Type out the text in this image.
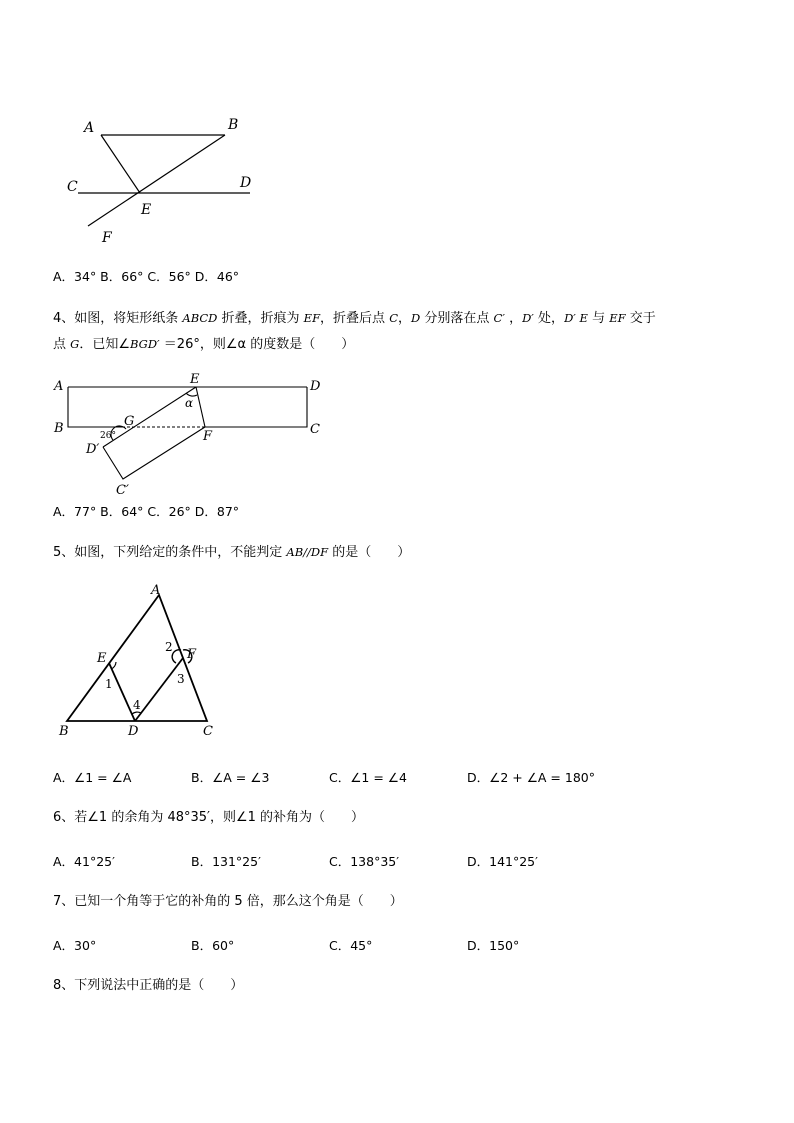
A	B
C	D
E
F
A．34° B．66° C．56° D．46°
4、如图，将矩形纸条 ABCD 折叠，折痕为 EF，折叠后点 C，D 分别落在点 C′ ，D′ 处，D′ E 与 EF 交于
点 G．已知∠BGD′ ＝26°，则∠α 的度数是（　　）
A	E	D
B	G
F	C
D′
C′
26°
α
A．77° B．64° C．26° D．87°
5、如图，下列给定的条件中，不能判定 AB//DF 的是（　　）
A
E	F
B	D	C
1
2
3
4
A．∠1 = ∠A	B．∠A = ∠3	C．∠1 = ∠4	D．∠2 + ∠A = 180°
6、若∠1 的余角为 48°35′，则∠1 的补角为（　　）
A．41°25′	B．131°25′	C．138°35′	D．141°25′
7、已知一个角等于它的补角的 5 倍，那么这个角是（　　）
A．30°	B．60°	C．45°	D．150°
8、下列说法中正确的是（　　）
